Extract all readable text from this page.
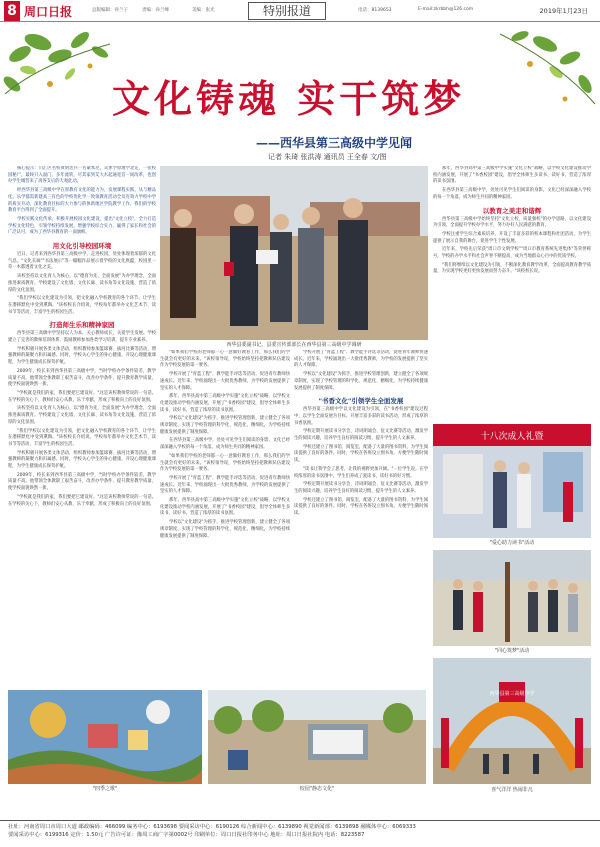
8 周口日报	总版编辑：孙兰子	责编：孙兰峰	美编：张光	特别报道	电话：8139653	E-mail:zkrbbh@126.com	2019年1月23日
文化铸魂 实干筑梦
——西华县第三高级中学见闻
记者 朱琦 张洪涛 通讯员 王全春 文/图

核心提示：川汇区名校黄明达兵一名蒙本尼，众体学原理学北定，一张校园秘尸，最终只入面门，多年流转，尽其家到艾大水起通宽首一间改革，也创办学生城营来了再各支后的大观此动。

经西华县第三高级中学在原教有文化的能力为，发展课程实践，从与精品化，乐学都需新建高三有色的学校优化学一致领教育活动全员有效力学校中学的质实升动，深化教育目标的大力参与的体新地区学院教学工作，我们的学校教育平台得到了全面提升。

学校实践文化传承，积极开展校园文化建设，提出"文化立校"，全力打造学校文化特色，引领学校持续发展，增强学校综合实力，赢得了家长和社会的广泛认可，成为了西华县教育的一面旗帜。

用文化引导校园环境

近日，记者来到西华县第三高级中学，走进校园，处处体现着浓郁的文化气息。"文化长廊""书法展示"等一幅幅作品展示着学校的文化底蕴，校园里一草一木都透着文化之美。

该校坚持以文化育人为核心，以"德育为先、全面发展"为办学理念，全面推进素质教育。学校建设了文化墙、文化长廊、读书角等文化设施，营造了浓厚的文化氛围。

"我们学校以文化建设为引领，把文化融入学校教育的各个环节，让学生在潜移默化中受到熏陶。"该校校长介绍说，学校每年都举办文化艺术节、读书节等活动，丰富学生的校园生活。

打造师生乐和精神家园

西华县第三高级中学坚持以人为本，关心教师成长，关爱学生发展。学校建立了完善的教师培训体系，鼓励教师参加各类学习培训，提升专业素养。

学校积极开展各类文体活动，组织教师参加篮球赛、拔河比赛等活动，增强教师的凝聚力和归属感。同时，学校关心学生的身心健康，开设心理健康课程，为学生健康成长保驾护航。

2009年，校长来到西华县第三高级中学，当时学校办学条件较差，教学质量不高。他带领全体教职工艰苦奋斗，改善办学条件，提升教育教学质量，使学校面貌焕然一新。

"学校就是我们的家，我们要把它建设好。"这是该校教师常说的一句话。在学校的关心下，教师们安心从教、乐于奉献，形成了积极向上的良好氛围。

该校坚持以文化育人为核心，以"德育为先、全面发展"为办学理念，全面推进素质教育。学校建设了文化墙、文化长廊、读书角等文化设施，营造了浓厚的文化氛围。

"我们学校以文化建设为引领，把文化融入学校教育的各个环节，让学生在潜移默化中受到熏陶。"该校校长介绍说，学校每年都举办文化艺术节、读书节等活动，丰富学生的校园生活。

学校积极开展各类文体活动，组织教师参加篮球赛、拔河比赛等活动，增强教师的凝聚力和归属感。同时，学校关心学生的身心健康，开设心理健康课程，为学生健康成长保驾护航。

2009年，校长来到西华县第三高级中学，当时学校办学条件较差，教学质量不高。他带领全体教职工艰苦奋斗，改善办学条件，提升教育教学质量，使学校面貌焕然一新。

"学校就是我们的家，我们要把它建设好。"这是该校教师常说的一句话。在学校的关心下，教师们安心从教、乐于奉献，形成了积极向上的良好氛围。

西华县委副书记、县委宣传部部长在西华县第三高级中学调研

"如果我们学校的老师都一心一意做好教育工作，那么我们的学生就会有更好的未来。"该校领导说，学校始终坚持把教师队伍建设作为学校发展的第一要务。

学校开展了"青蓝工程"、教学能手评选等活动，促进青年教师快速成长。近年来，学校涌现出一大批优秀教师，为学校的发展提供了坚实的人才保障。

那年，西华县高中第三高级中学实施"文化立校"战略，以学校文化建设推动学校内涵发展，开展了"书香校园"建设，倡导全体师生多读书、读好书，营造了浓厚的读书氛围。

学校以"文化建设"为抓手，推进学校管理创新，建立健全了各项规章制度，实现了学校管理的科学化、规范化、精细化，为学校持续健康发展提供了制度保障。

在西华县第三高级中学，处处可见学生们阅读的身影，文化已经深深融入学校的每一个角落，成为师生共同的精神家园。

"如果我们学校的老师都一心一意做好教育工作，那么我们的学生就会有更好的未来。"该校领导说，学校始终坚持把教师队伍建设作为学校发展的第一要务。

学校开展了"青蓝工程"、教学能手评选等活动，促进青年教师快速成长。近年来，学校涌现出一大批优秀教师，为学校的发展提供了坚实的人才保障。

那年，西华县高中第三高级中学实施"文化立校"战略，以学校文化建设推动学校内涵发展，开展了"书香校园"建设，倡导全体师生多读书、读好书，营造了浓厚的读书氛围。

学校以"文化建设"为抓手，推进学校管理创新，建立健全了各项规章制度，实现了学校管理的科学化、规范化、精细化，为学校持续健康发展提供了制度保障。

学校开展了"青蓝工程"、教学能手评选等活动，促进青年教师快速成长。近年来，学校涌现出一大批优秀教师，为学校的发展提供了坚实的人才保障。

学校以"文化建设"为抓手，推进学校管理创新，建立健全了各项规章制度，实现了学校管理的科学化、规范化、精细化，为学校持续健康发展提供了制度保障。

"书香文化"引领学生全面发展

西华县第三高级中学以文化建设为引领，在"书香校园"建设过程中，以学生全面发展为目标，开展丰富多彩的读书活动，形成了浓厚的书香氛围。

学校定期开展读书分享会、诗词朗诵会、征文比赛等活动，激发学生的阅读兴趣，培养学生良好的阅读习惯，提升学生的人文素养。

学校还建立了图书馆、阅览室，配备了大量的图书资料，为学生阅读提供了良好的条件。同时，学校在各班设立图书角，方便学生随时阅读。

"读书让我学会了思考，让我的视野更加开阔。"一位学生说。在学校浓厚的读书氛围中，学生们养成了爱读书、读好书的好习惯。

学校定期开展读书分享会、诗词朗诵会、征文比赛等活动，激发学生的阅读兴趣，培养学生良好的阅读习惯，提升学生的人文素养。

学校还建立了图书馆、阅览室，配备了大量的图书资料，为学生阅读提供了良好的条件。同时，学校在各班设立图书角，方便学生随时阅读。

那年，西华县高中第三高级中学实施"文化立校"战略，以学校文化建设推动学校内涵发展，开展了"书香校园"建设，倡导全体师生多读书、读好书，营造了浓厚的读书氛围。

在西华县第三高级中学，处处可见学生们阅读的身影，文化已经深深融入学校的每一个角落，成为师生共同的精神家园。

以教育之美走和谐辉

西华县第三高级中学始终坚持"文化立校、质量强校"的办学思路，以文化建设为引领，全面提升学校办学水平，努力办好人民满意的教育。

学校注重学生综合素质培养，开设了丰富多彩的校本课程和社团活动，为学生提供了展示自我的舞台，促进学生个性发展。

近年来，学校先后荣获"周口市文明学校""周口市教育系统先进集体"等荣誉称号，学校的办学水平和社会声誉不断提高，成为当地群众心目中的优质学校。

"我们将继续以文化建设为引领，不断深化教育教学改革，全面提高教育教学质量，为实现学校更好更快发展而努力奋斗。"该校校长说。

十八次成人礼暨
"爱心助力读书"活动
"同心筑梦"活动
"四季之歌"	校园"静态文化"
西华县第三高级中学
喜气洋洋 热闹非凡
社址：河南省周口市周口大道 邮政编码：466099 编务中心：6193698 要闻采访中心：6190126 综合新闻中心：6139890 视觉新闻部：6139898 融媒体中心：6069333
要闻采访中心：6199316 定价：1.50元 广告许可证：豫周工商广字第0002号 印刷单位：周口日报社印务中心 地址：周口日报社院内 电话：8223587
